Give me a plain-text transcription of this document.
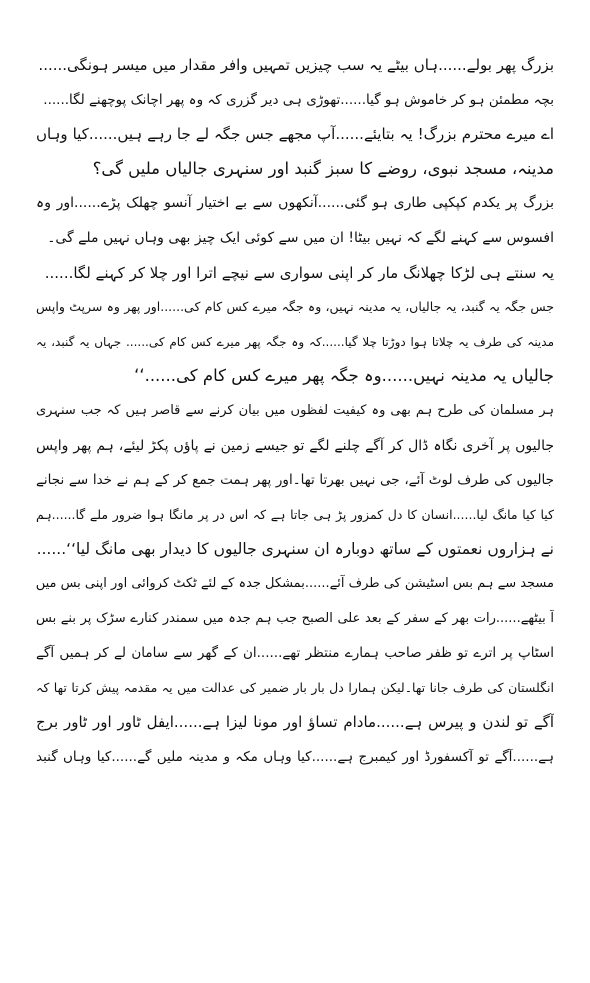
بزرگ پھر بولے......ہاں بیٹے یہ سب چیزیں تمہیں وافر مقدار میں میسر ہونگی......
بچہ مطمئن ہو کر خاموش ہو گیا......تھوڑی ہی دیر گزری کہ وہ پھر اچانک پوچھنے لگا......
اے میرے محترم بزرگ! یہ بتایئے......آپ مجھے جس جگہ لے جا رہے ہیں......کیا وہاں
مدینہ، مسجد نبوی، روضے کا سبز گنبد اور سنہری جالیاں ملیں گی؟
بزرگ پر یکدم کپکپی طاری ہو گئی......آنکھوں سے بے اختیار آنسو چھلک پڑے......اور وہ
افسوس سے کہنے لگے کہ نہیں بیٹا! ان میں سے کوئی ایک چیز بھی وہاں نہیں ملے گی۔
یہ سنتے ہی لڑکا چھلانگ مار کر اپنی سواری سے نیچے اترا اور چلا کر کہنے لگا......
جس جگہ یہ گنبد، یہ جالیاں، یہ مدینہ نہیں، وہ جگہ میرے کس کام کی......اور پھر وہ سرپٹ واپس
مدینہ کی طرف یہ چلاتا ہوا دوڑتا چلا گیا......کہ وہ جگہ پھر میرے کس کام کی...... جہاں یہ گنبد، یہ
جالیاں یہ مدینہ نہیں......وہ جگہ پھر میرے کس کام کی......‘‘
ہر مسلمان کی طرح ہم بھی وہ کیفیت لفظوں میں بیان کرنے سے قاصر ہیں کہ جب سنہری
جالیوں پر آخری نگاہ ڈال کر آگے چلنے لگے تو جیسے زمین نے پاؤں پکڑ لیئے، ہم پھر واپس
جالیوں کی طرف لوٹ آئے، جی نہیں بھرتا تھا۔اور پھر ہمت جمع کر کے ہم نے خدا سے نجانے
کیا کیا مانگ لیا......انسان کا دل کمزور پڑ ہی جاتا ہے کہ اس در پر مانگا ہوا ضرور ملے گا......ہم
نے ہزاروں نعمتوں کے ساتھ دوبارہ ان سنہری جالیوں کا دیدار بھی مانگ لیا‘‘......
مسجد سے ہم بس اسٹیشن کی طرف آئے......بمشکل جدہ کے لئے ٹکٹ کروائی اور اپنی بس میں
آ بیٹھے......رات بھر کے سفر کے بعد علی الصبح جب ہم جدہ میں سمندر کنارے سڑک پر بنے بس
اسٹاپ پر اترے تو ظفر صاحب ہمارے منتظر تھے......ان کے گھر سے سامان لے کر ہمیں آگے
انگلستان کی طرف جانا تھا۔لیکن ہمارا دل بار بار ضمیر کی عدالت میں یہ مقدمہ پیش کرتا تھا کہ
آگے تو لندن و پیرس ہے......مادام تساؤ اور مونا لیزا ہے......ایفل ٹاور اور ٹاور برج
ہے......آگے تو آکسفورڈ اور کیمبرج ہے......کیا وہاں مکہ و مدینہ ملیں گے......کیا وہاں گنبد
